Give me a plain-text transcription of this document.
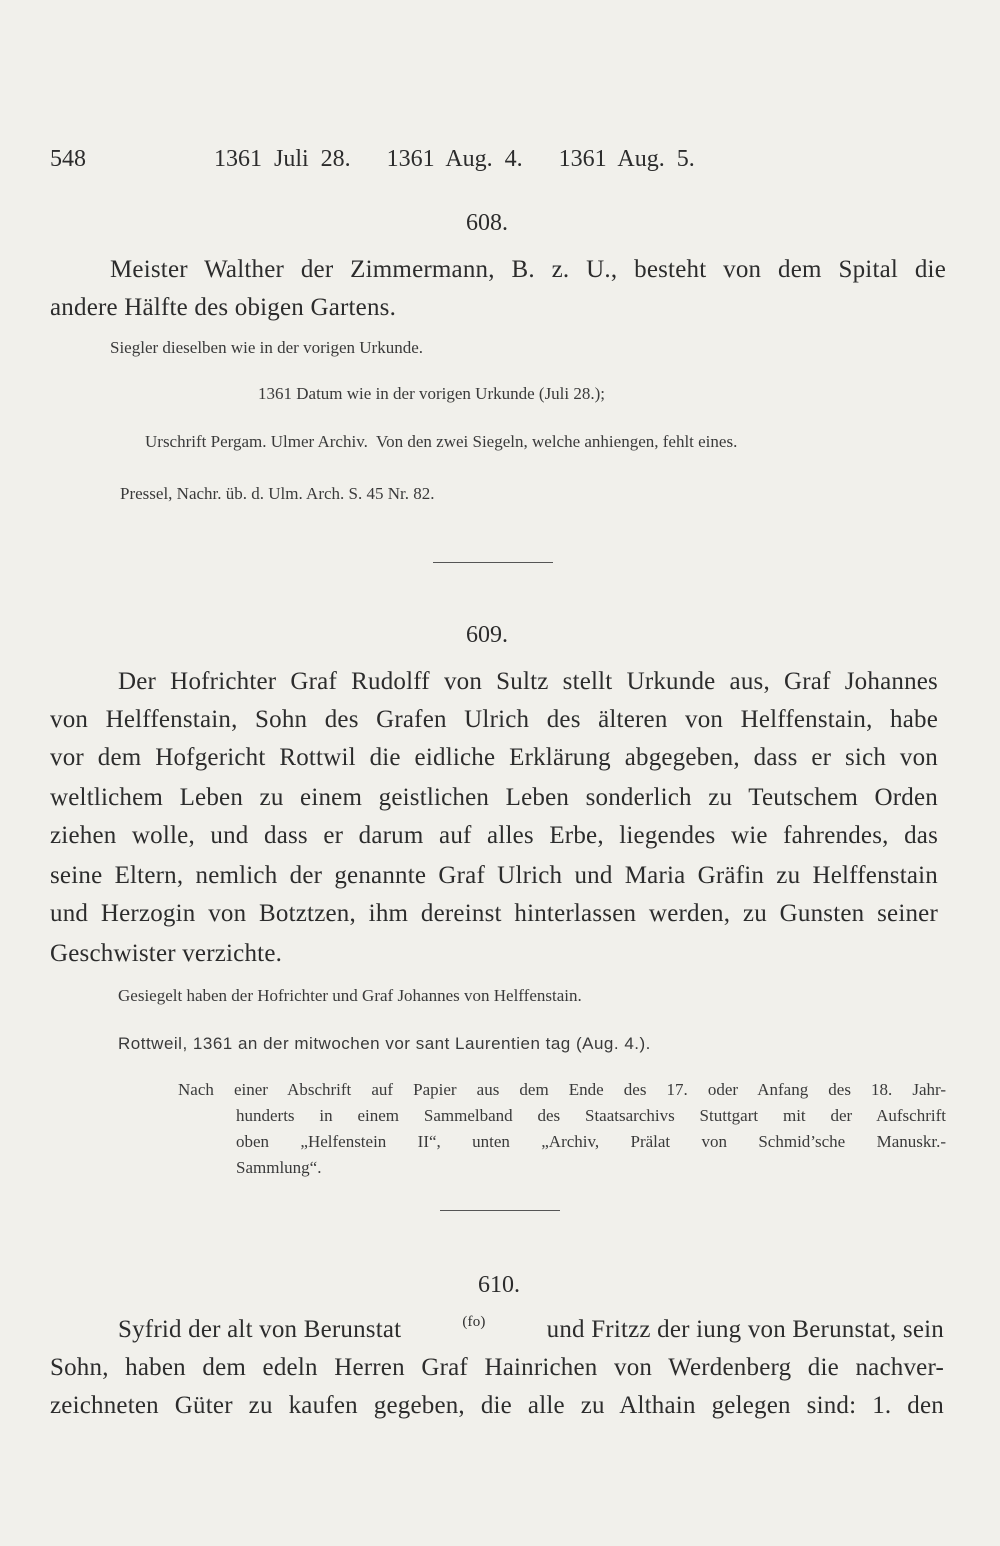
548	1361 Juli 28.   1361 Aug. 4.   1361 Aug. 5.
608.
Meister Walther der Zimmermann, B. z. U., besteht von dem Spital die
andere Hälfte des obigen Gartens.
Siegler dieselben wie in der vorigen Urkunde.
1361 Datum wie in der vorigen Urkunde (Juli 28.);
Urschrift Pergam. Ulmer Archiv.  Von den zwei Siegeln, welche anhiengen, fehlt eines.
Pressel, Nachr. üb. d. Ulm. Arch. S. 45 Nr. 82.
609.
Der Hofrichter Graf Rudolff von Sultz stellt Urkunde aus, Graf Johannes
von Helffenstain, Sohn des Grafen Ulrich des älteren von Helffenstain, habe
vor dem Hofgericht Rottwil die eidliche Erklärung abgegeben, dass er sich von
weltlichem Leben zu einem geistlichen Leben sonderlich zu Teutschem Orden
ziehen wolle, und dass er darum auf alles Erbe, liegendes wie fahrendes, das
seine Eltern, nemlich der genannte Graf Ulrich und Maria Gräfin zu Helffenstain
und Herzogin von Botztzen, ihm dereinst hinterlassen werden, zu Gunsten seiner
Geschwister verzichte.
Gesiegelt haben der Hofrichter und Graf Johannes von Helffenstain.
Rottweil, 1361 an der mitwochen vor sant Laurentien tag (Aug. 4.).
Nach einer Abschrift auf Papier aus dem Ende des 17. oder Anfang des 18. Jahr-
hunderts in einem Sammelband des Staatsarchivs Stuttgart mit der Aufschrift
oben „Helfenstein II“, unten „Archiv, Prälat von Schmid’sche Manuskr.-
Sammlung“.
610.
Syfrid der alt von Berunstat	$^{(fo)}$ und Fritzz der iung von Berunstat, sein
Sohn, haben dem edeln Herren Graf Hainrichen von Werdenberg die nachver-
zeichneten Güter zu kaufen gegeben, die alle zu Althain gelegen sind: 1. den
